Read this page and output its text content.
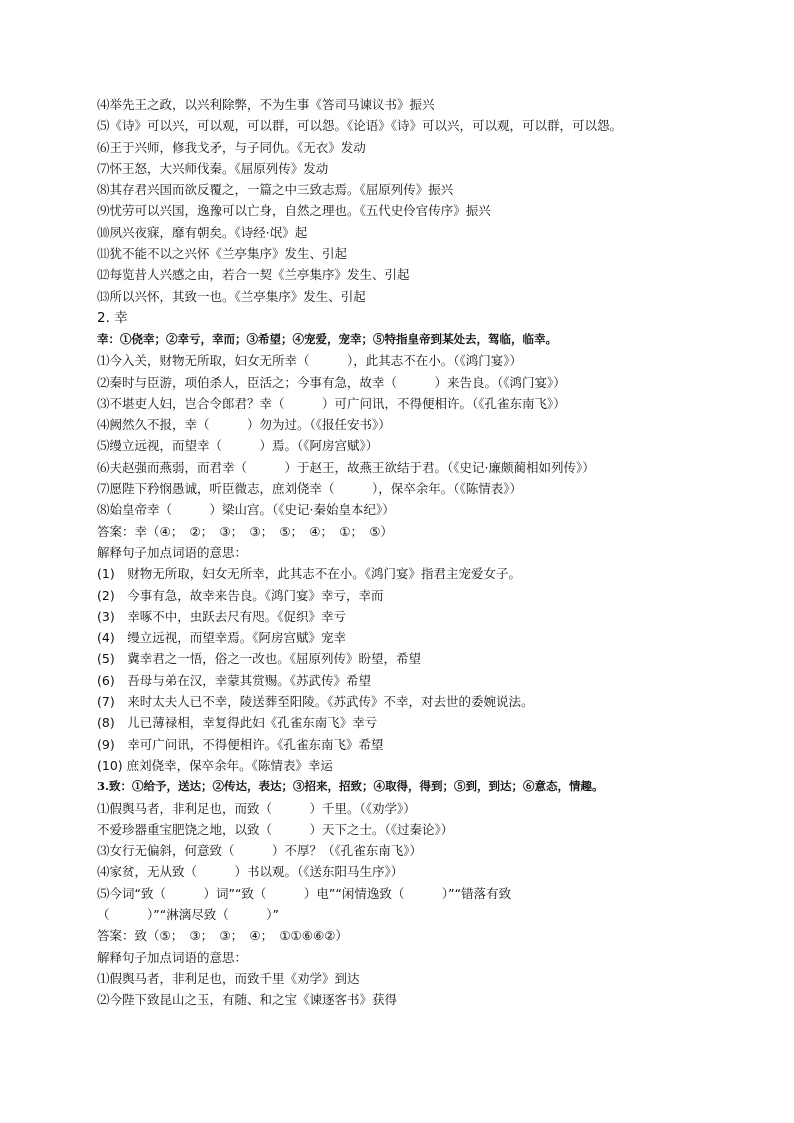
⑷举先王之政，以兴利除弊，不为生事《答司马谏议书》振兴
⑸《诗》可以兴，可以观，可以群，可以怨。《论语》《诗》可以兴，可以观，可以群，可以怨。
⑹王于兴师，修我戈矛，与子同仇。《无衣》发动
⑺怀王怒，大兴师伐秦。《屈原列传》发动
⑻其存君兴国而欲反覆之，一篇之中三致志焉。《屈原列传》振兴
⑼忧劳可以兴国，逸豫可以亡身，自然之理也。《五代史伶官传序》振兴
⑽夙兴夜寐，靡有朝矣。《诗经·氓》起
⑾犹不能不以之兴怀《兰亭集序》发生、引起
⑿每览昔人兴感之由，若合一契《兰亭集序》发生、引起
⒀所以兴怀，其致一也。《兰亭集序》发生、引起
2. 幸
幸：①侥幸；②幸亏，幸而；③希望；④宠爱，宠幸；⑤特指皇帝到某处去，驾临，临幸。
⑴今入关，财物无所取，妇女无所幸（　　　），此其志不在小。（《鸿门宴》）
⑵秦时与臣游，项伯杀人，臣活之；今事有急，故幸（　　　）来告良。（《鸿门宴》）
⑶不堪吏人妇，岂合令郎君？幸（　　　）可广问讯，不得便相许。（《孔雀东南飞》）
⑷阙然久不报，幸（　　　）勿为过。（《报任安书》）
⑸缦立远视，而望幸（　　　）焉。（《阿房宫赋》）
⑹夫赵强而燕弱，而君幸（　　　）于赵王，故燕王欲结于君。（《史记·廉颇蔺相如列传》）
⑺愿陛下矜悯愚诚，听臣微志，庶刘侥幸（　　　），保卒余年。（《陈情表》）
⑻始皇帝幸（　　　）梁山宫。（《史记·秦始皇本纪》）
答案：幸（④；　②；　③；　③；　⑤；　④；　①；　⑤）
解释句子加点词语的意思：
(1)　财物无所取，妇女无所幸，此其志不在小。《鸿门宴》指君主宠爱女子。
(2)　今事有急，故幸来告良。《鸿门宴》幸亏，幸而
(3)　幸啄不中，虫跃去尺有咫。《促织》幸亏
(4)　缦立远视，而望幸焉。《阿房宫赋》宠幸
(5)　冀幸君之一悟，俗之一改也。《屈原列传》盼望，希望
(6)　吾母与弟在汉，幸蒙其赏赐。《苏武传》希望
(7)　来时太夫人已不幸，陵送葬至阳陵。《苏武传》不幸，对去世的委婉说法。
(8)　儿已薄禄相，幸复得此妇《孔雀东南飞》幸亏
(9)　幸可广问讯，不得便相许。《孔雀东南飞》希望
(10) 庶刘侥幸，保卒余年。《陈情表》幸运
3.致：①给予，送达；②传达，表达；③招来，招致；④取得，得到；⑤到，到达；⑥意态，情趣。
⑴假舆马者，非利足也，而致（　　　）千里。（《劝学》）
不爱珍器重宝肥饶之地，以致（　　　）天下之士。（《过秦论》）
⑶女行无偏斜，何意致（　　　）不厚？（《孔雀东南飞》）
⑷家贫，无从致（　　　）书以观。（《送东阳马生序》）
⑸今词“致（　　　）词”“致（　　　）电”“闲情逸致（　　　）”“错落有致
（　　　）”“淋漓尽致（　　　）”
答案：致（⑤；　③；　③；　④；　①①⑥⑥②）
解释句子加点词语的意思：
⑴假舆马者，非利足也，而致千里《劝学》到达
⑵今陛下致昆山之玉，有随、和之宝《谏逐客书》获得
